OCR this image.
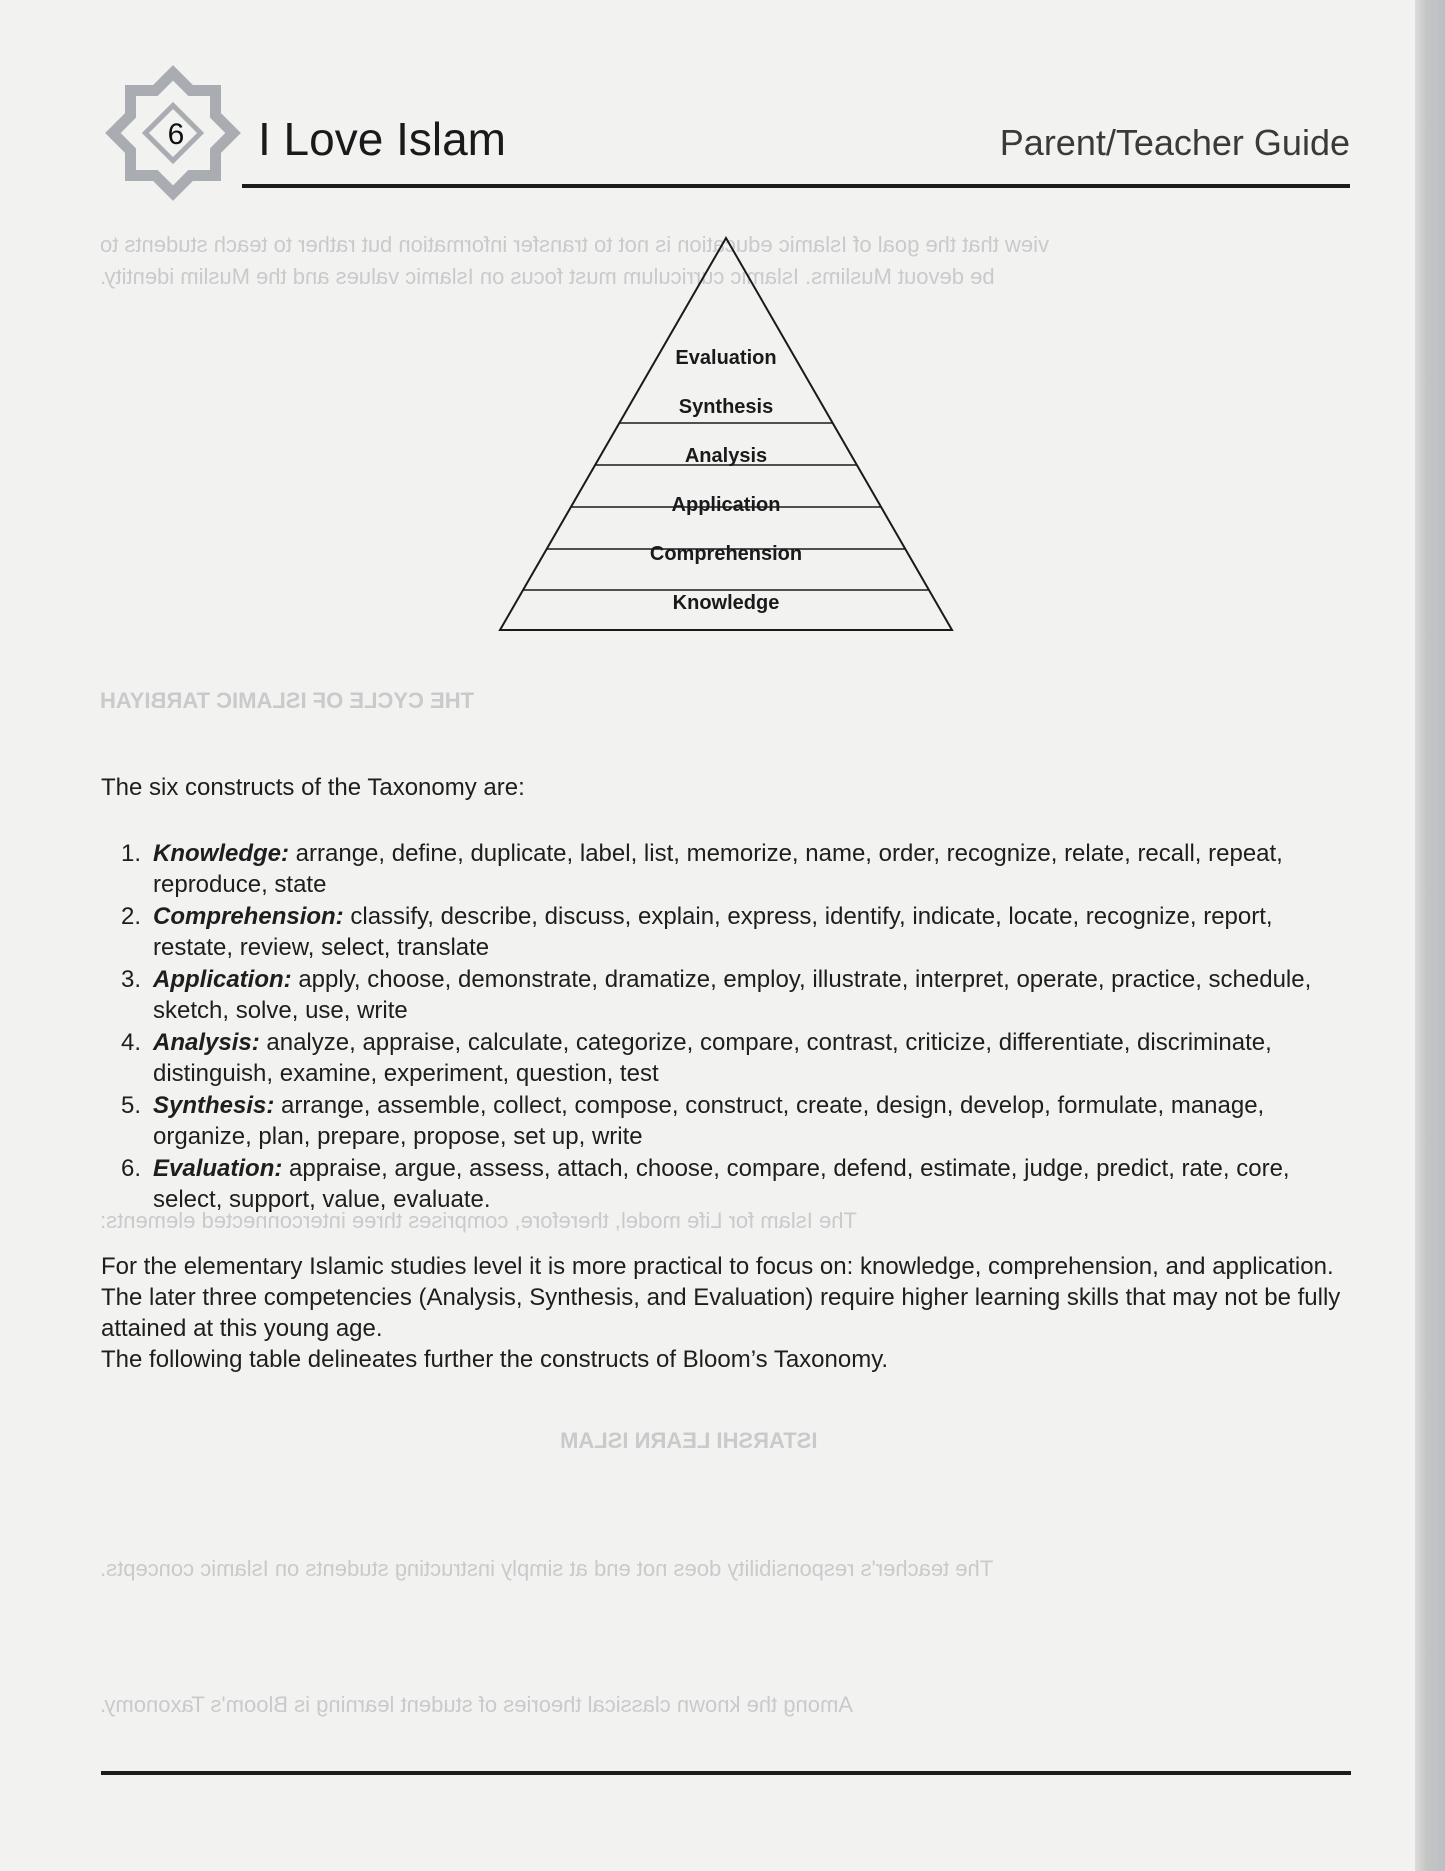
view that the goal of Islamic education is not to transfer information but rather to teach students to
be devout Muslims. Islamic curriculum must focus on Islamic values and the Muslim identity.
THE CYCLE OF ISLAMIC TARBIYAH
The Islam for Life model, therefore, comprises three interconnected elements:
ISTARSHI LEARN ISLAM
The teacher's responsibility does not end at simply instructing students on Islamic concepts.
Among the known classical theories of student learning is Bloom's Taxonomy.
6 I Love Islam	Parent/Teacher Guide
Evaluation
Synthesis
Analysis
Application
Comprehension
Knowledge
The six constructs of the Taxonomy are:
1. Knowledge: arrange, define, duplicate, label, list, memorize, name, order, recognize, relate, recall, repeat, reproduce, state
2. Comprehension: classify, describe, discuss, explain, express, identify, indicate, locate, recognize, report, restate, review, select, translate
3. Application: apply, choose, demonstrate, dramatize, employ, illustrate, interpret, operate, practice, schedule, sketch, solve, use, write
4. Analysis: analyze, appraise, calculate, categorize, compare, contrast, criticize, differentiate, discriminate, distinguish, examine, experiment, question, test
5. Synthesis: arrange, assemble, collect, compose, construct, create, design, develop, formulate, manage, organize, plan, prepare, propose, set up, write
6. Evaluation: appraise, argue, assess, attach, choose, compare, defend, estimate, judge, predict, rate, core, select, support, value, evaluate.
For the elementary Islamic studies level it is more practical to focus on: knowledge, comprehension, and application. The later three competencies (Analysis, Synthesis, and Evaluation) require higher learning skills that may not be fully attained at this young age.
The following table delineates further the constructs of Bloom’s Taxonomy.
